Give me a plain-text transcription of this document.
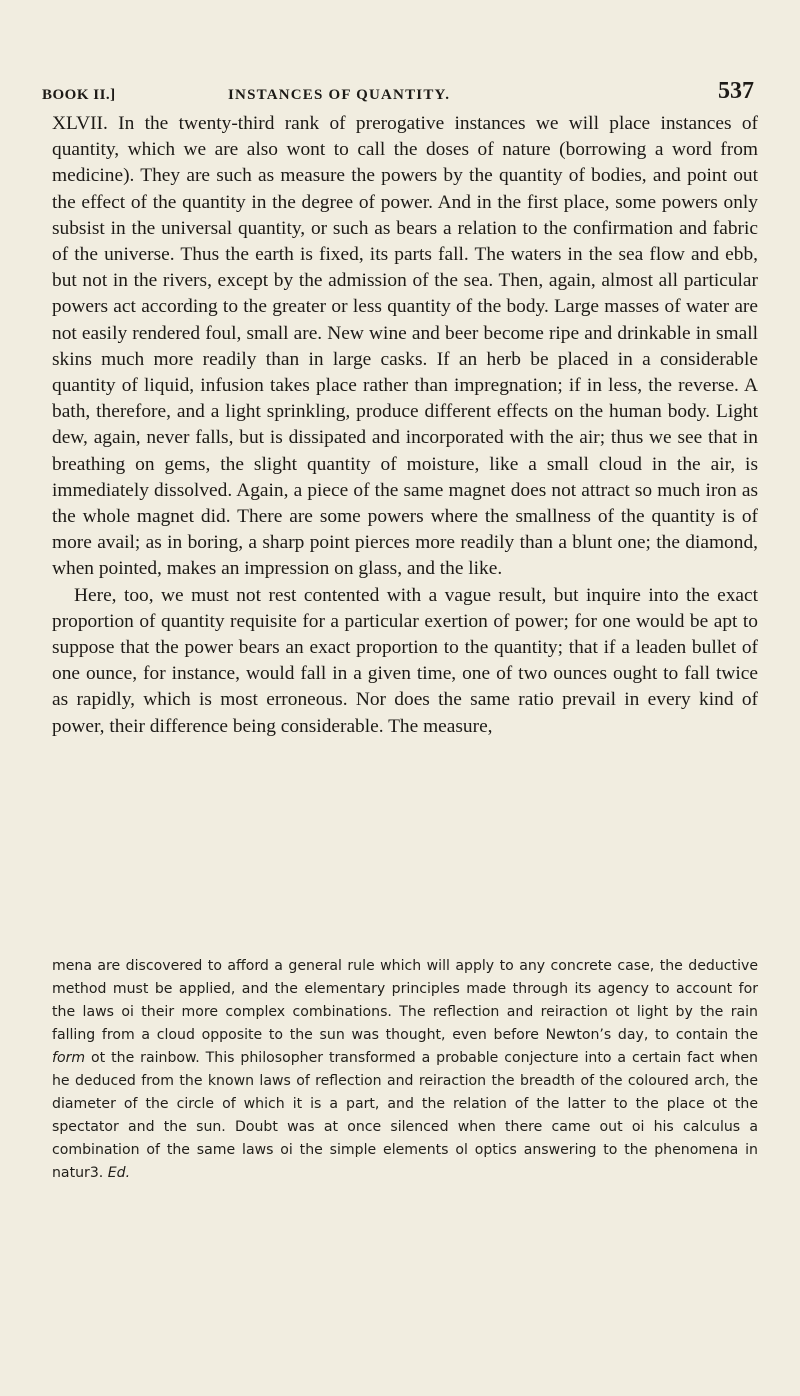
BOOK II.]	INSTANCES OF QUANTITY.	537

XLVII. In the twenty-third rank of prerogative instances we will place instances of quantity, which we are also wont to call the doses of nature (borrowing a word from medicine). They are such as measure the powers by the quantity of bodies, and point out the effect of the quantity in the degree of power. And in the first place, some powers only subsist in the universal quantity, or such as bears a relation to the confirmation and fabric of the universe. Thus the earth is fixed, its parts fall. The waters in the sea flow and ebb, but not in the rivers, except by the admission of the sea. Then, again, almost all particular powers act according to the greater or less quantity of the body. Large masses of water are not easily rendered foul, small are. New wine and beer become ripe and drinkable in small skins much more readily than in large casks. If an herb be placed in a considerable quantity of liquid, infusion takes place rather than impregnation; if in less, the reverse. A bath, therefore, and a light sprinkling, produce different effects on the human body. Light dew, again, never falls, but is dissipated and incorporated with the air; thus we see that in breathing on gems, the slight quantity of moisture, like a small cloud in the air, is immediately dissolved. Again, a piece of the same magnet does not attract so much iron as the whole magnet did. There are some powers where the smallness of the quantity is of more avail; as in boring, a sharp point pierces more readily than a blunt one; the diamond, when pointed, makes an impression on glass, and the like.

Here, too, we must not rest contented with a vague result, but inquire into the exact proportion of quantity requisite for a particular exertion of power; for one would be apt to suppose that the power bears an exact proportion to the quantity; that if a leaden bullet of one ounce, for instance, would fall in a given time, one of two ounces ought to fall twice as rapidly, which is most erroneous. Nor does the same ratio prevail in every kind of power, their difference being considerable. The measure,

mena are discovered to afford a general rule which will apply to any concrete case, the deductive method must be applied, and the elementary principles made through its agency to account for the laws oi their more complex combinations. The reflection and reiraction ot light by the rain falling from a cloud opposite to the sun was thought, even before Newton’s day, to contain the form ot the rainbow. This philosopher transformed a probable conjecture into a certain fact when he deduced from the known laws of reflection and reiraction the breadth of the coloured arch, the diameter of the circle of which it is a part, and the relation of the latter to the place ot the spectator and the sun. Doubt was at once silenced when there came out oi his calculus a combination of the same laws oi the simple elements ol optics answering to the phenomena in natur3. Ed.
